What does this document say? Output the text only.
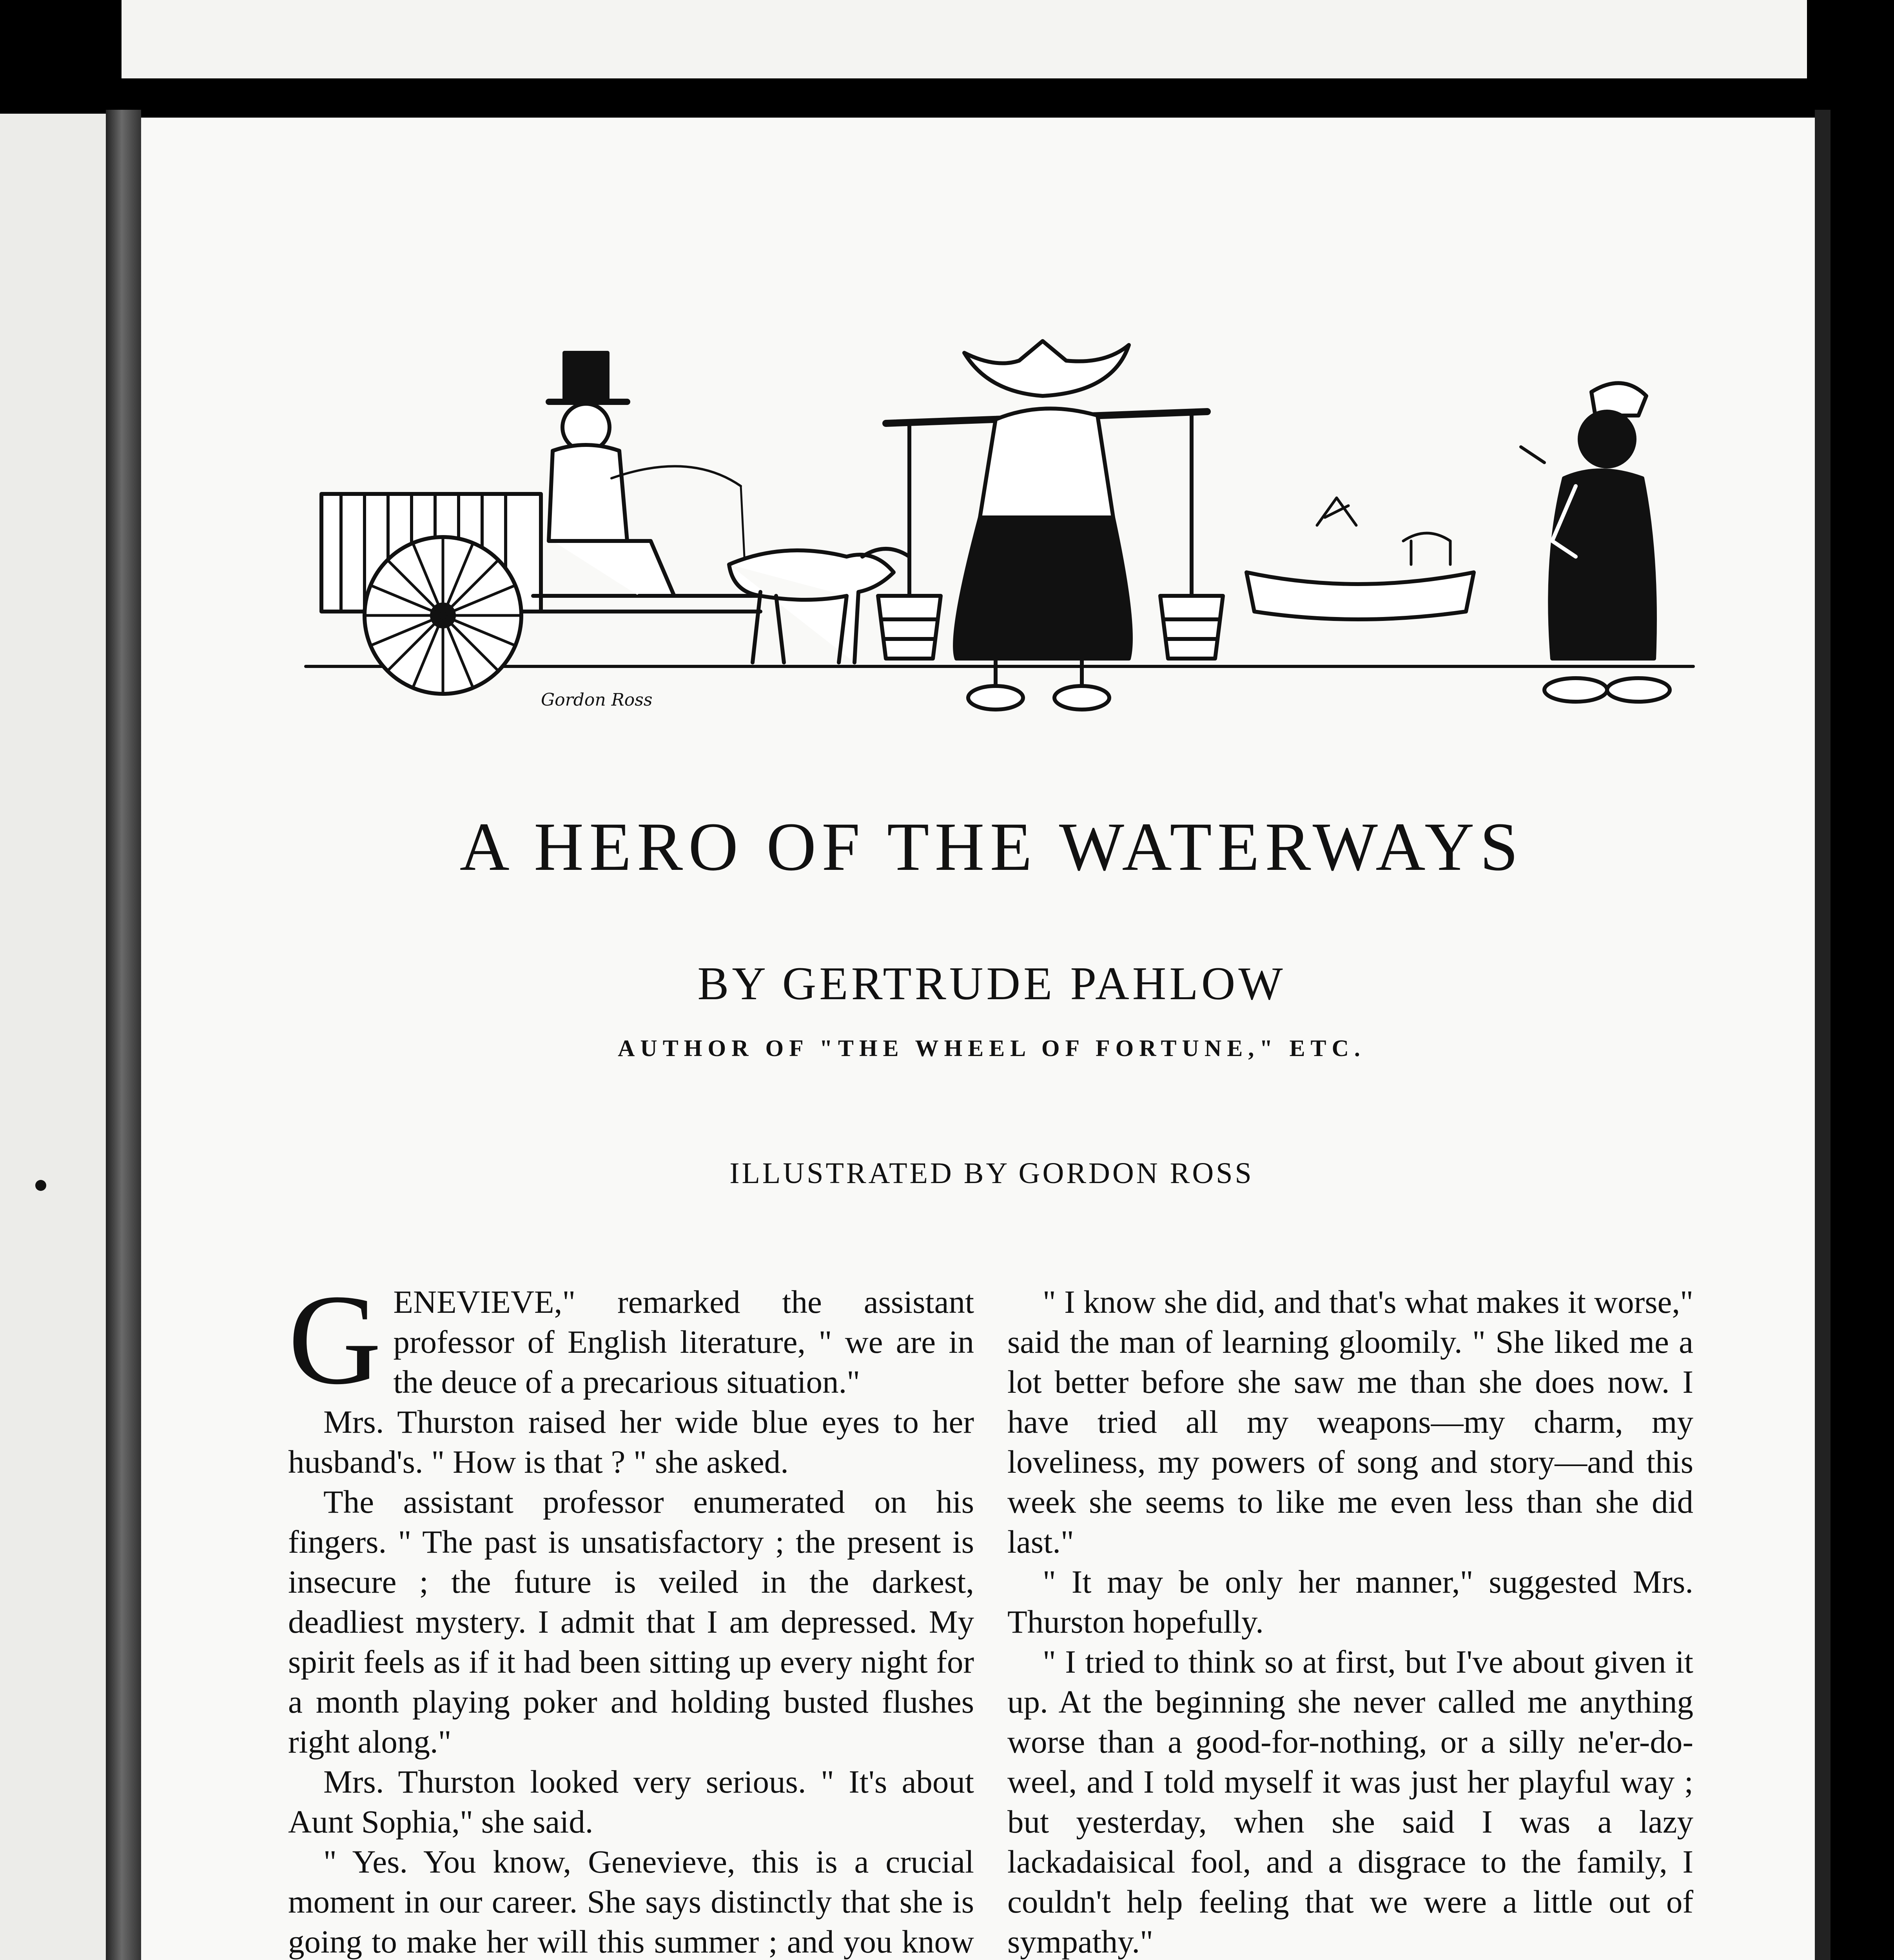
Gordon Ross
A HERO OF THE WATERWAYS
BY GERTRUDE PAHLOW
AUTHOR OF "THE WHEEL OF FORTUNE," ETC.
ILLUSTRATED BY GORDON ROSS

GENEVIEVE," remarked the assistant professor of English literature, " we are in the deuce of a precarious situation."

Mrs. Thurston raised her wide blue eyes to her husband's. " How is that ? " she asked.

The assistant professor enumerated on his fingers. " The past is unsatisfactory ; the present is insecure ; the future is veiled in the darkest, deadliest mystery. I admit that I am depressed. My spirit feels as if it had been sitting up every night for a month playing poker and holding busted flushes right along."

Mrs. Thurston looked very serious. " It's about Aunt Sophia," she said.

" Yes. You know, Genevieve, this is a crucial moment in our career. She says distinctly that she is going to make her will this summer ; and you know

" I know she did, and that's what makes it worse," said the man of learning gloomily. " She liked me a lot better before she saw me than she does now. I have tried all my weapons—my charm, my loveliness, my powers of song and story—and this week she seems to like me even less than she did last."

" It may be only her manner," suggested Mrs. Thurston hopefully.

" I tried to think so at first, but I've about given it up. At the beginning she never called me anything worse than a good-for-nothing, or a silly ne'er-do-weel, and I told myself it was just her playful way ; but yesterday, when she said I was a lazy lackadaisical fool, and a disgrace to the family, I couldn't help feeling that we were a little out of sympathy."
